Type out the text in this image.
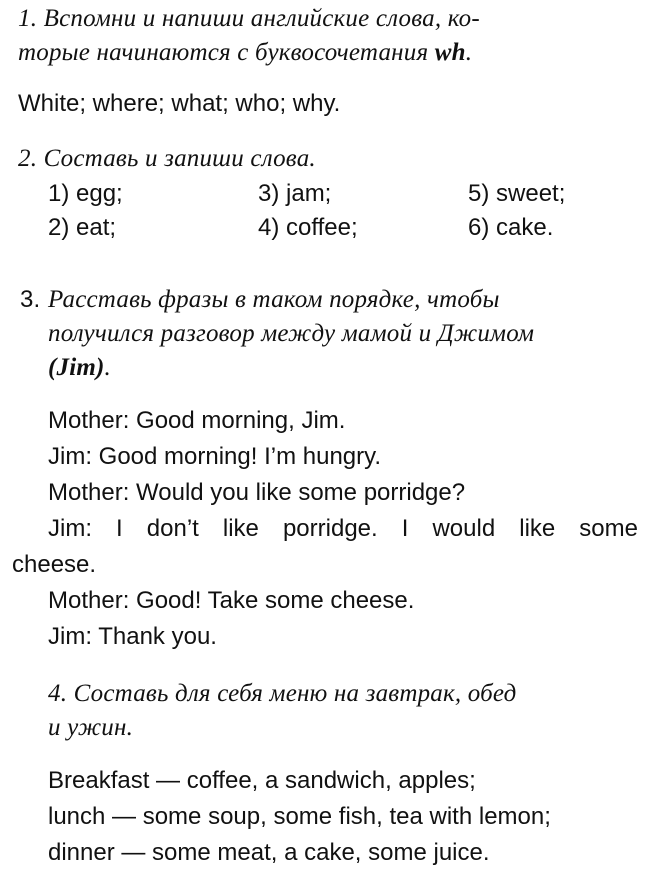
1. Вспомни и напиши английские слова, ко-
торые начинаются с буквосочетания wh.
White; where; what; who; why.
2. Составь и запиши слова.
1) egg;
2) eat;
3) jam;
4) coffee;
5) sweet;
6) cake.
3. Расставь фразы в таком порядке, чтобы
получился разговор между мамой и Джимом
(Jim).
Mother: Good morning, Jim.
Jim: Good morning! I’m hungry.
Mother: Would you like some porridge?
Jim: I don’t like porridge. I would like some
cheese.
Mother: Good! Take some cheese.
Jim: Thank you.
4. Составь для себя меню на завтрак, обед
и ужин.
Breakfast — coffee, a sandwich, apples;
lunch — some soup, some fish, tea with lemon;
dinner — some meat, a cake, some juice.
